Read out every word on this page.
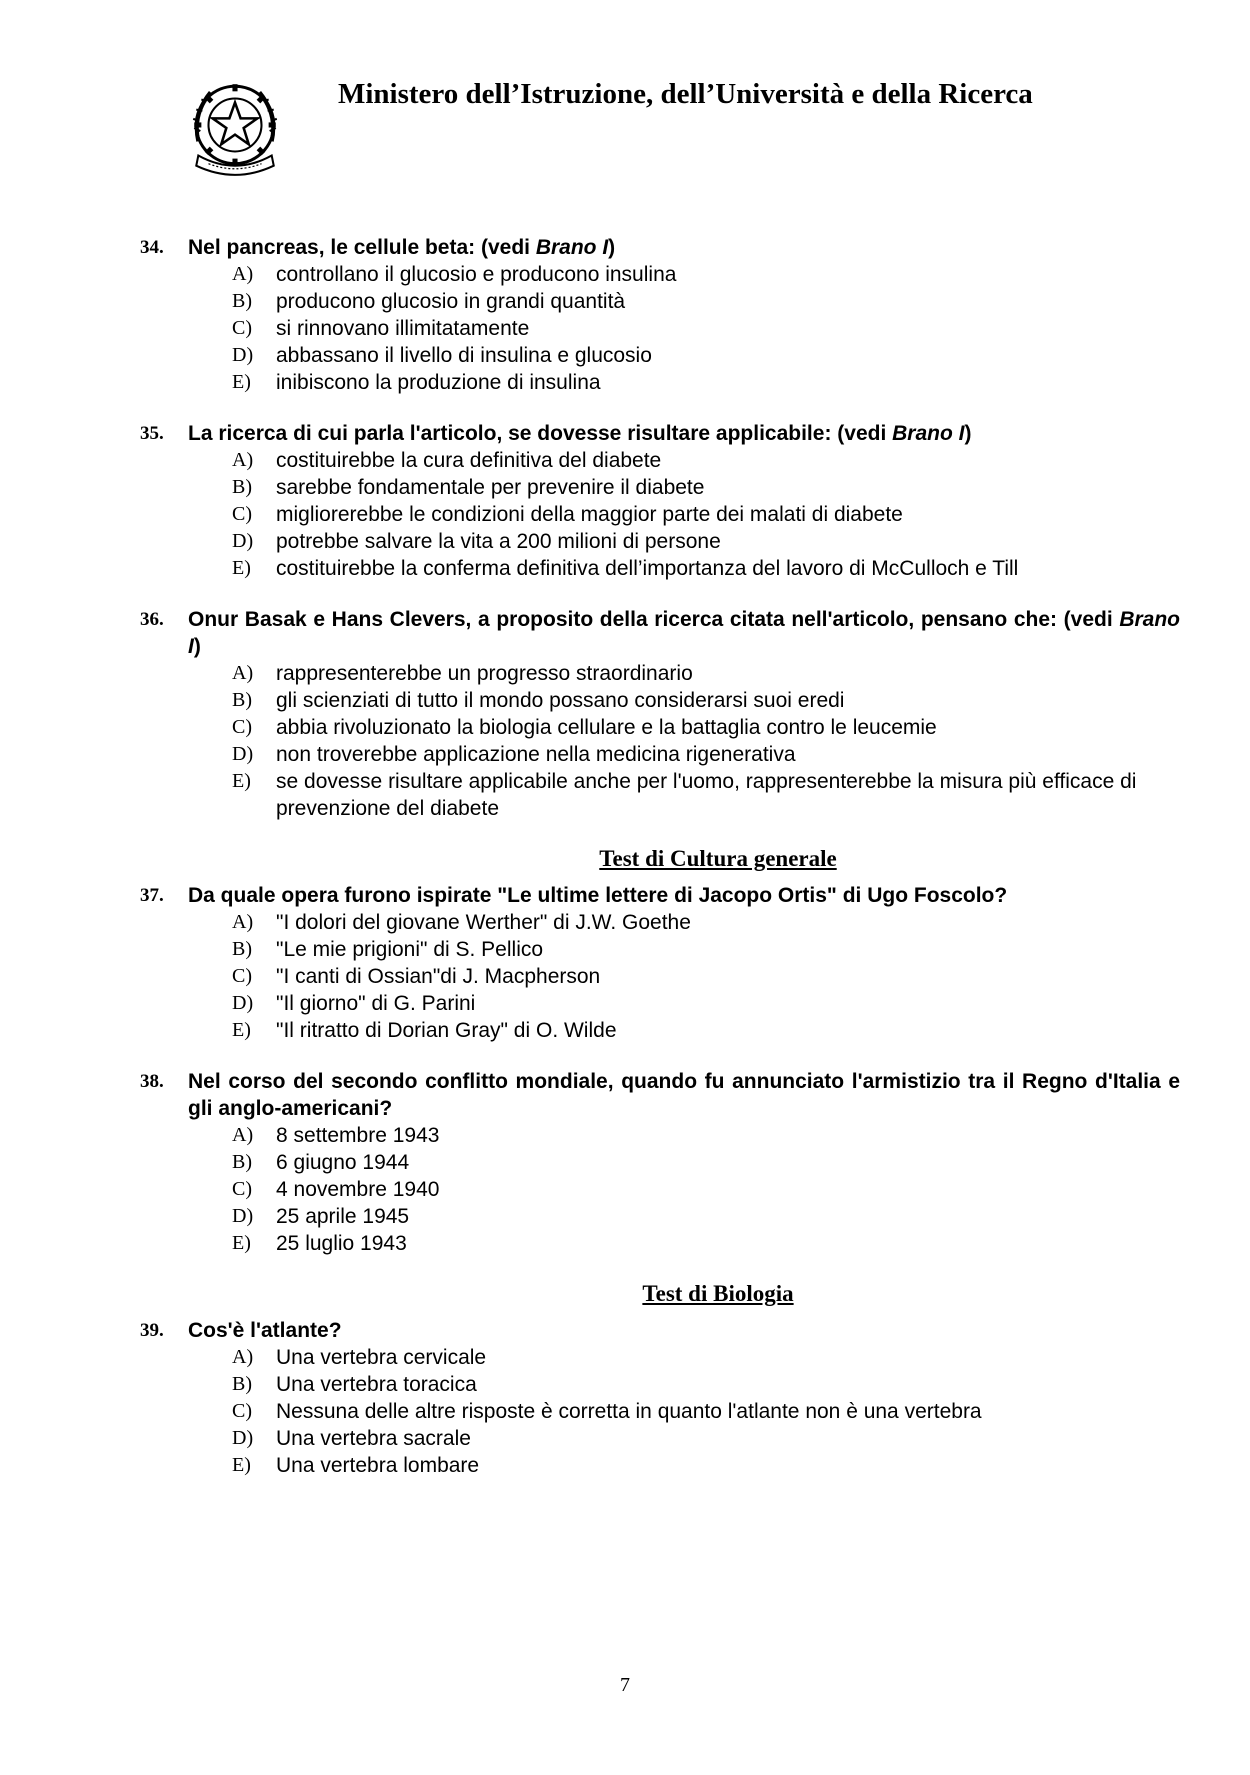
Ministero dell’Istruzione, dell’Università e della Ricerca
34.	Nel pancreas, le cellule beta: (vedi Brano I)
A)	controllano il glucosio e producono insulina
B)	producono glucosio in grandi quantità
C)	si rinnovano illimitatamente
D)	abbassano il livello di insulina e glucosio
E)	inibiscono la produzione di insulina
35.	La ricerca di cui parla l'articolo, se dovesse risultare applicabile: (vedi Brano I)
A)	costituirebbe la cura definitiva del diabete
B)	sarebbe fondamentale per prevenire il diabete
C)	migliorerebbe le condizioni della maggior parte dei malati di diabete
D)	potrebbe salvare la vita a 200 milioni di persone
E)	costituirebbe la conferma definitiva dell’importanza del lavoro di McCulloch e Till
36.	Onur Basak e Hans Clevers, a proposito della ricerca citata nell'articolo, pensano che: (vedi Brano I)
A)	rappresenterebbe un progresso straordinario
B)	gli scienziati di tutto il mondo possano considerarsi suoi eredi
C)	abbia rivoluzionato la biologia cellulare e la battaglia contro le leucemie
D)	non troverebbe applicazione nella medicina rigenerativa
E)	se dovesse risultare applicabile anche per l'uomo, rappresenterebbe la misura più efficace di prevenzione del diabete
Test di Cultura generale
37.	Da quale opera furono ispirate "Le ultime lettere di Jacopo Ortis" di Ugo Foscolo?
A)	"I dolori del giovane Werther" di J.W. Goethe
B)	"Le mie prigioni" di S. Pellico
C)	"I canti di Ossian"di J. Macpherson
D)	"Il giorno" di G. Parini
E)	"Il ritratto di Dorian Gray" di O. Wilde
38.	Nel corso del secondo conflitto mondiale, quando fu annunciato l'armistizio tra il Regno d'Italia e gli anglo-americani?
A)	8 settembre 1943
B)	6 giugno 1944
C)	4 novembre 1940
D)	25 aprile 1945
E)	25 luglio 1943
Test di Biologia
39.	Cos'è l'atlante?
A)	Una vertebra cervicale
B)	Una vertebra toracica
C)	Nessuna delle altre risposte è corretta in quanto l'atlante non è una vertebra
D)	Una vertebra sacrale
E)	Una vertebra lombare
7
